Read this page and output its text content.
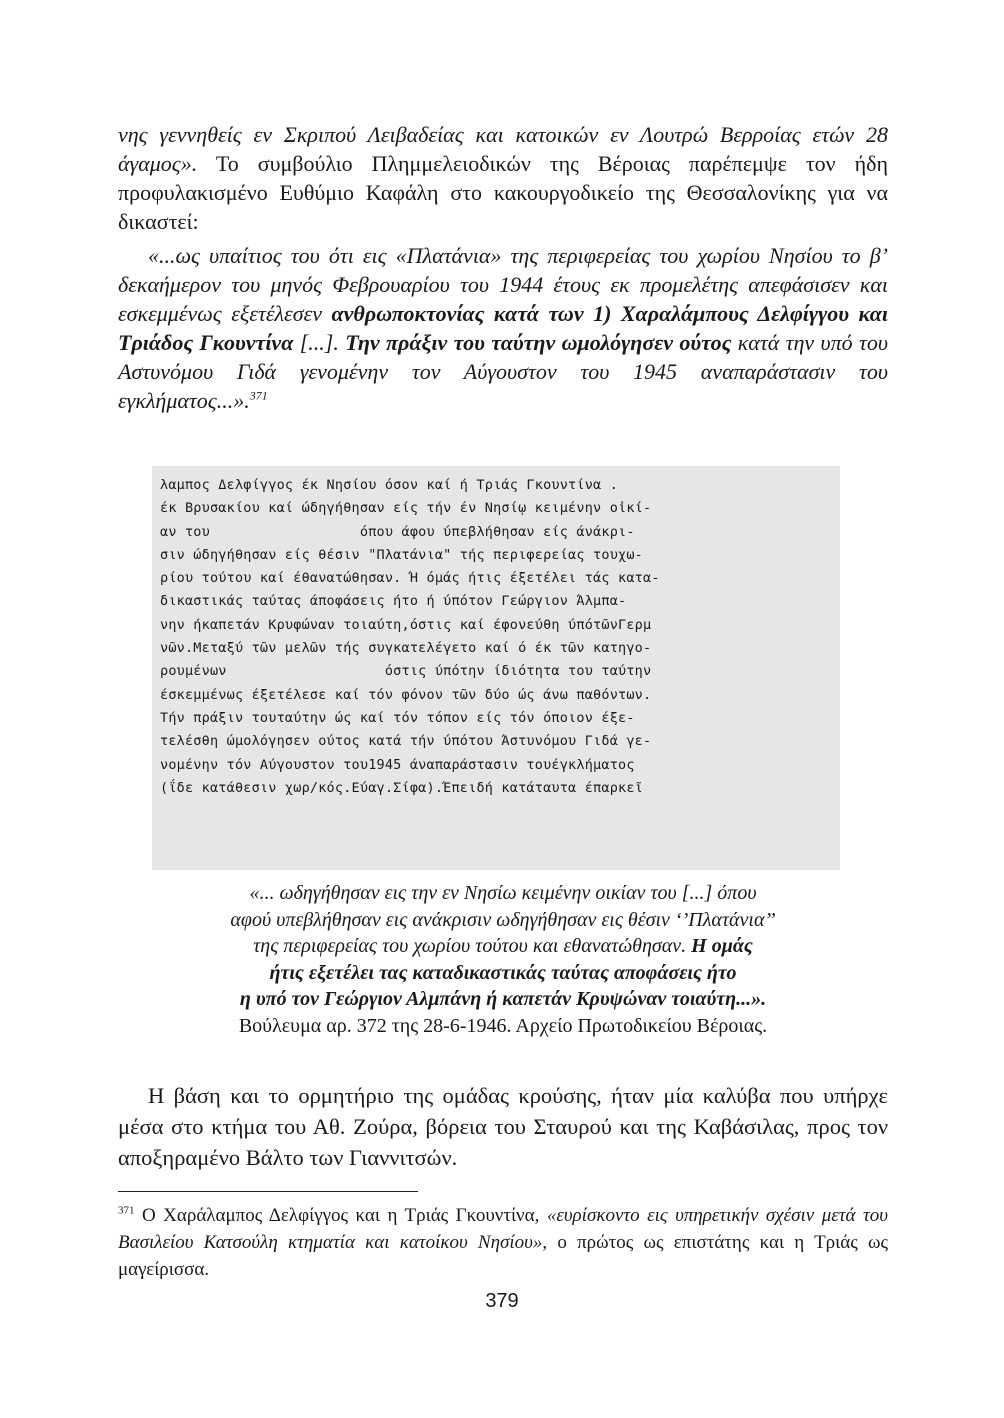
νης γεννηθείς εν Σκριπού Λειβαδείας και κατοικών εν Λουτρώ Βερροίας ετών 28 άγαμος». Το συμβούλιο Πλημμελειοδικών της Βέροιας παρέπεμψε τον ήδη προφυλακισμένο Ευθύμιο Καφάλη στο κακουργοδικείο της Θεσσαλονίκης για να δικαστεί:

«...ως υπαίτιος του ότι εις «Πλατάνια» της περιφερείας του χωρίου Νησίου το β’ δεκαήμερον του μηνός Φεβρουαρίου του 1944 έτους εκ προμελέτης απεφάσισεν και εσκεμμένως εξετέλεσεν ανθρωποκτονίας κατά των 1) Χαραλάμπους Δελφίγγου και Τριάδος Γκουντίνα [...]. Την πράξιν του ταύτην ωμολόγησεν ούτος κατά την υπό του Αστυνόμου Γιδά γενομένην τον Αύγουστον του 1945 αναπαράστασιν του εγκλήματος...».$^{371}$

λαμπος Δελφίγγος έκ Νησίου όσον καί ή Τριάς Γκουντίνα .
έκ Βρυσακίου καί ώδηγήθησαν είς τήν έν Νησίῳ κειμένην οἰκί-
αν του                  όπου άφου ύπεβλήθησαν είς άνάκρι-
σιν ώδηγήθησαν είς θέσιν "Πλατάνια" τής περιφερείας τουχω-
ρίου τούτου καί έθανατώθησαν. Ή όμάς ήτις έξετέλει τάς κατα-
δικαστικάς ταύτας άποφάσεις ήτο ή ύπότον Γεώργιον Άλμπα-
νην ήκαπετάν Κρυφώναν τοιαύτη,όστις καί έφονεύθη ύπότῶνΓερμ
νῶν.Μεταξύ τῶν μελῶν τής συγκατελέγετο καί ό έκ τῶν κατηγο-
ρουμένων                   όστις ύπότην ίδιότητα του ταύτην
έσκεμμένως έξετέλεσε καί τόν φόνον τῶν δύο ώς άνω παθόντων.
Τήν πράξιν τουταύτην ώς καί τόν τόπον είς τόν όποιον έξε-
τελέσθη ώμολόγησεν ούτος κατά τήν ύπότου Άστυνόμου Γιδά γε-
νομένην τόν Αύγουστον του1945 άναπαράστασιν τουέγκλήματος
(ΐδε κατάθεσιν χωρ/κός.Εύαγ.Σίφα).Έπειδή κατάταυτα έπαρκεῖ

«... ωδηγήθησαν εις την εν Νησίω κειμένην οικίαν του [...] όπου

αφού υπεβλήθησαν εις ανάκρισιν ωδηγήθησαν εις θέσιν ‘’Πλατάνια’’

της περιφερείας του χωρίου τούτου και εθανατώθησαν. Η ομάς

ήτις εξετέλει τας καταδικαστικάς ταύτας αποφάσεις ήτο

η υπό τον Γεώργιον Αλμπάνη ή καπετάν Κρυψώναν τοιαύτη...».

Βούλευμα αρ. 372 της 28-6-1946. Αρχείο Πρωτοδικείου Βέροιας.

Η βάση και το ορμητήριο της ομάδας κρούσης, ήταν μία καλύβα που υπήρχε μέσα στο κτήμα του Αθ. Ζούρα, βόρεια του Σταυρού και της Καβάσιλας, προς τον αποξηραμένο Βάλτο των Γιαννιτσών.

$^{371}$ Ο Χαράλαμπος Δελφίγγος και η Τριάς Γκουντίνα, «ευρίσκοντο εις υπηρετικήν σχέσιν μετά του Βασιλείου Κατσούλη κτηματία και κατοίκου Νησίου», ο πρώτος ως επιστάτης και η Τριάς ως μαγείρισσα.

379
